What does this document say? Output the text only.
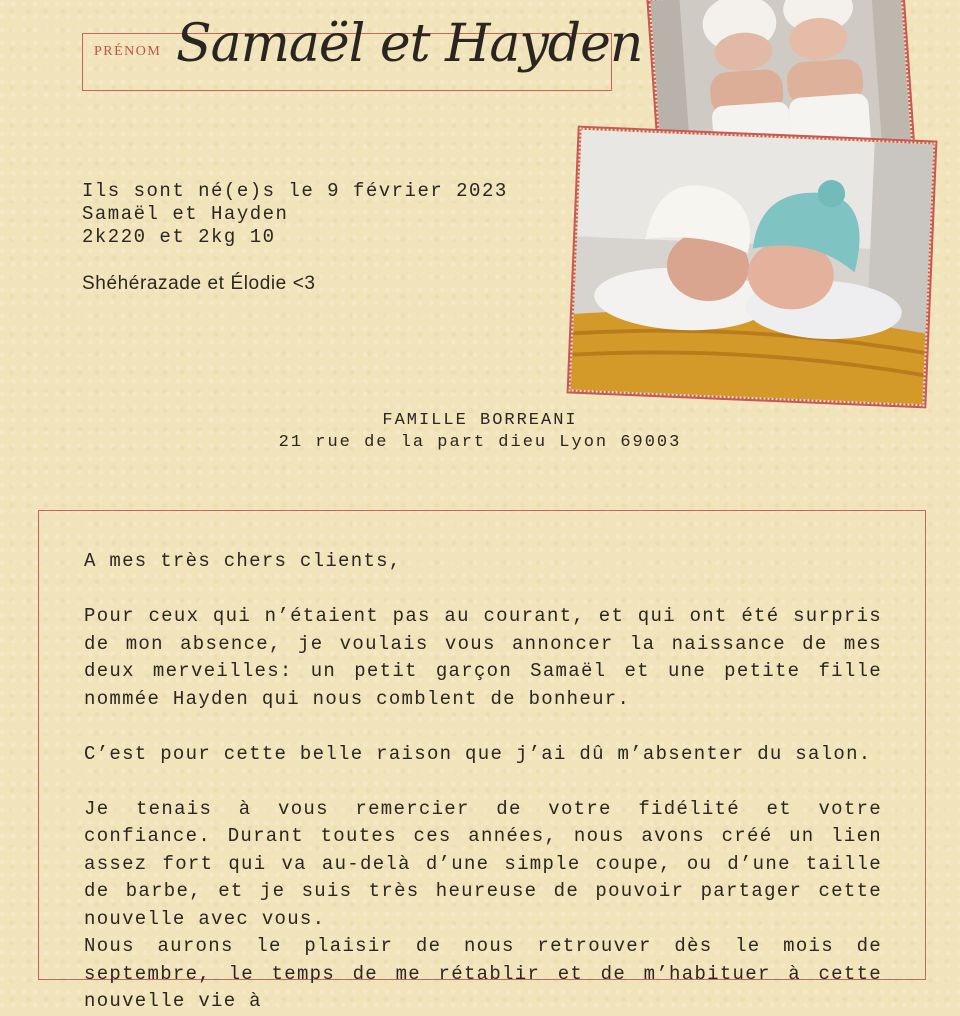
PRÉNOM Samaël et Hayden
Ils sont né(e)s le 9 février 2023
Samaël et Hayden
2k220 et 2kg 10
Shéhérazade et Élodie <3
FAMILLE BORREANI
21 rue de la part dieu Lyon 69003

A mes très chers clients,

Pour ceux qui n’étaient pas au courant, et qui ont été surpris de mon absence, je voulais vous annoncer la naissance de mes deux merveilles: un petit garçon Samaël et une petite fille nommée Hayden qui nous comblent de bonheur.

C’est pour cette belle raison que j’ai dû m’absenter du salon.

Je tenais à vous remercier de votre fidélité et votre confiance. Durant toutes ces années, nous avons créé un lien assez fort qui va au-delà d’une simple coupe, ou d’une taille de barbe, et je suis très heureuse de pouvoir partager cette nouvelle avec vous.

Nous aurons le plaisir de nous retrouver dès le mois de septembre, le temps de me rétablir et de m’habituer à cette nouvelle vie à
